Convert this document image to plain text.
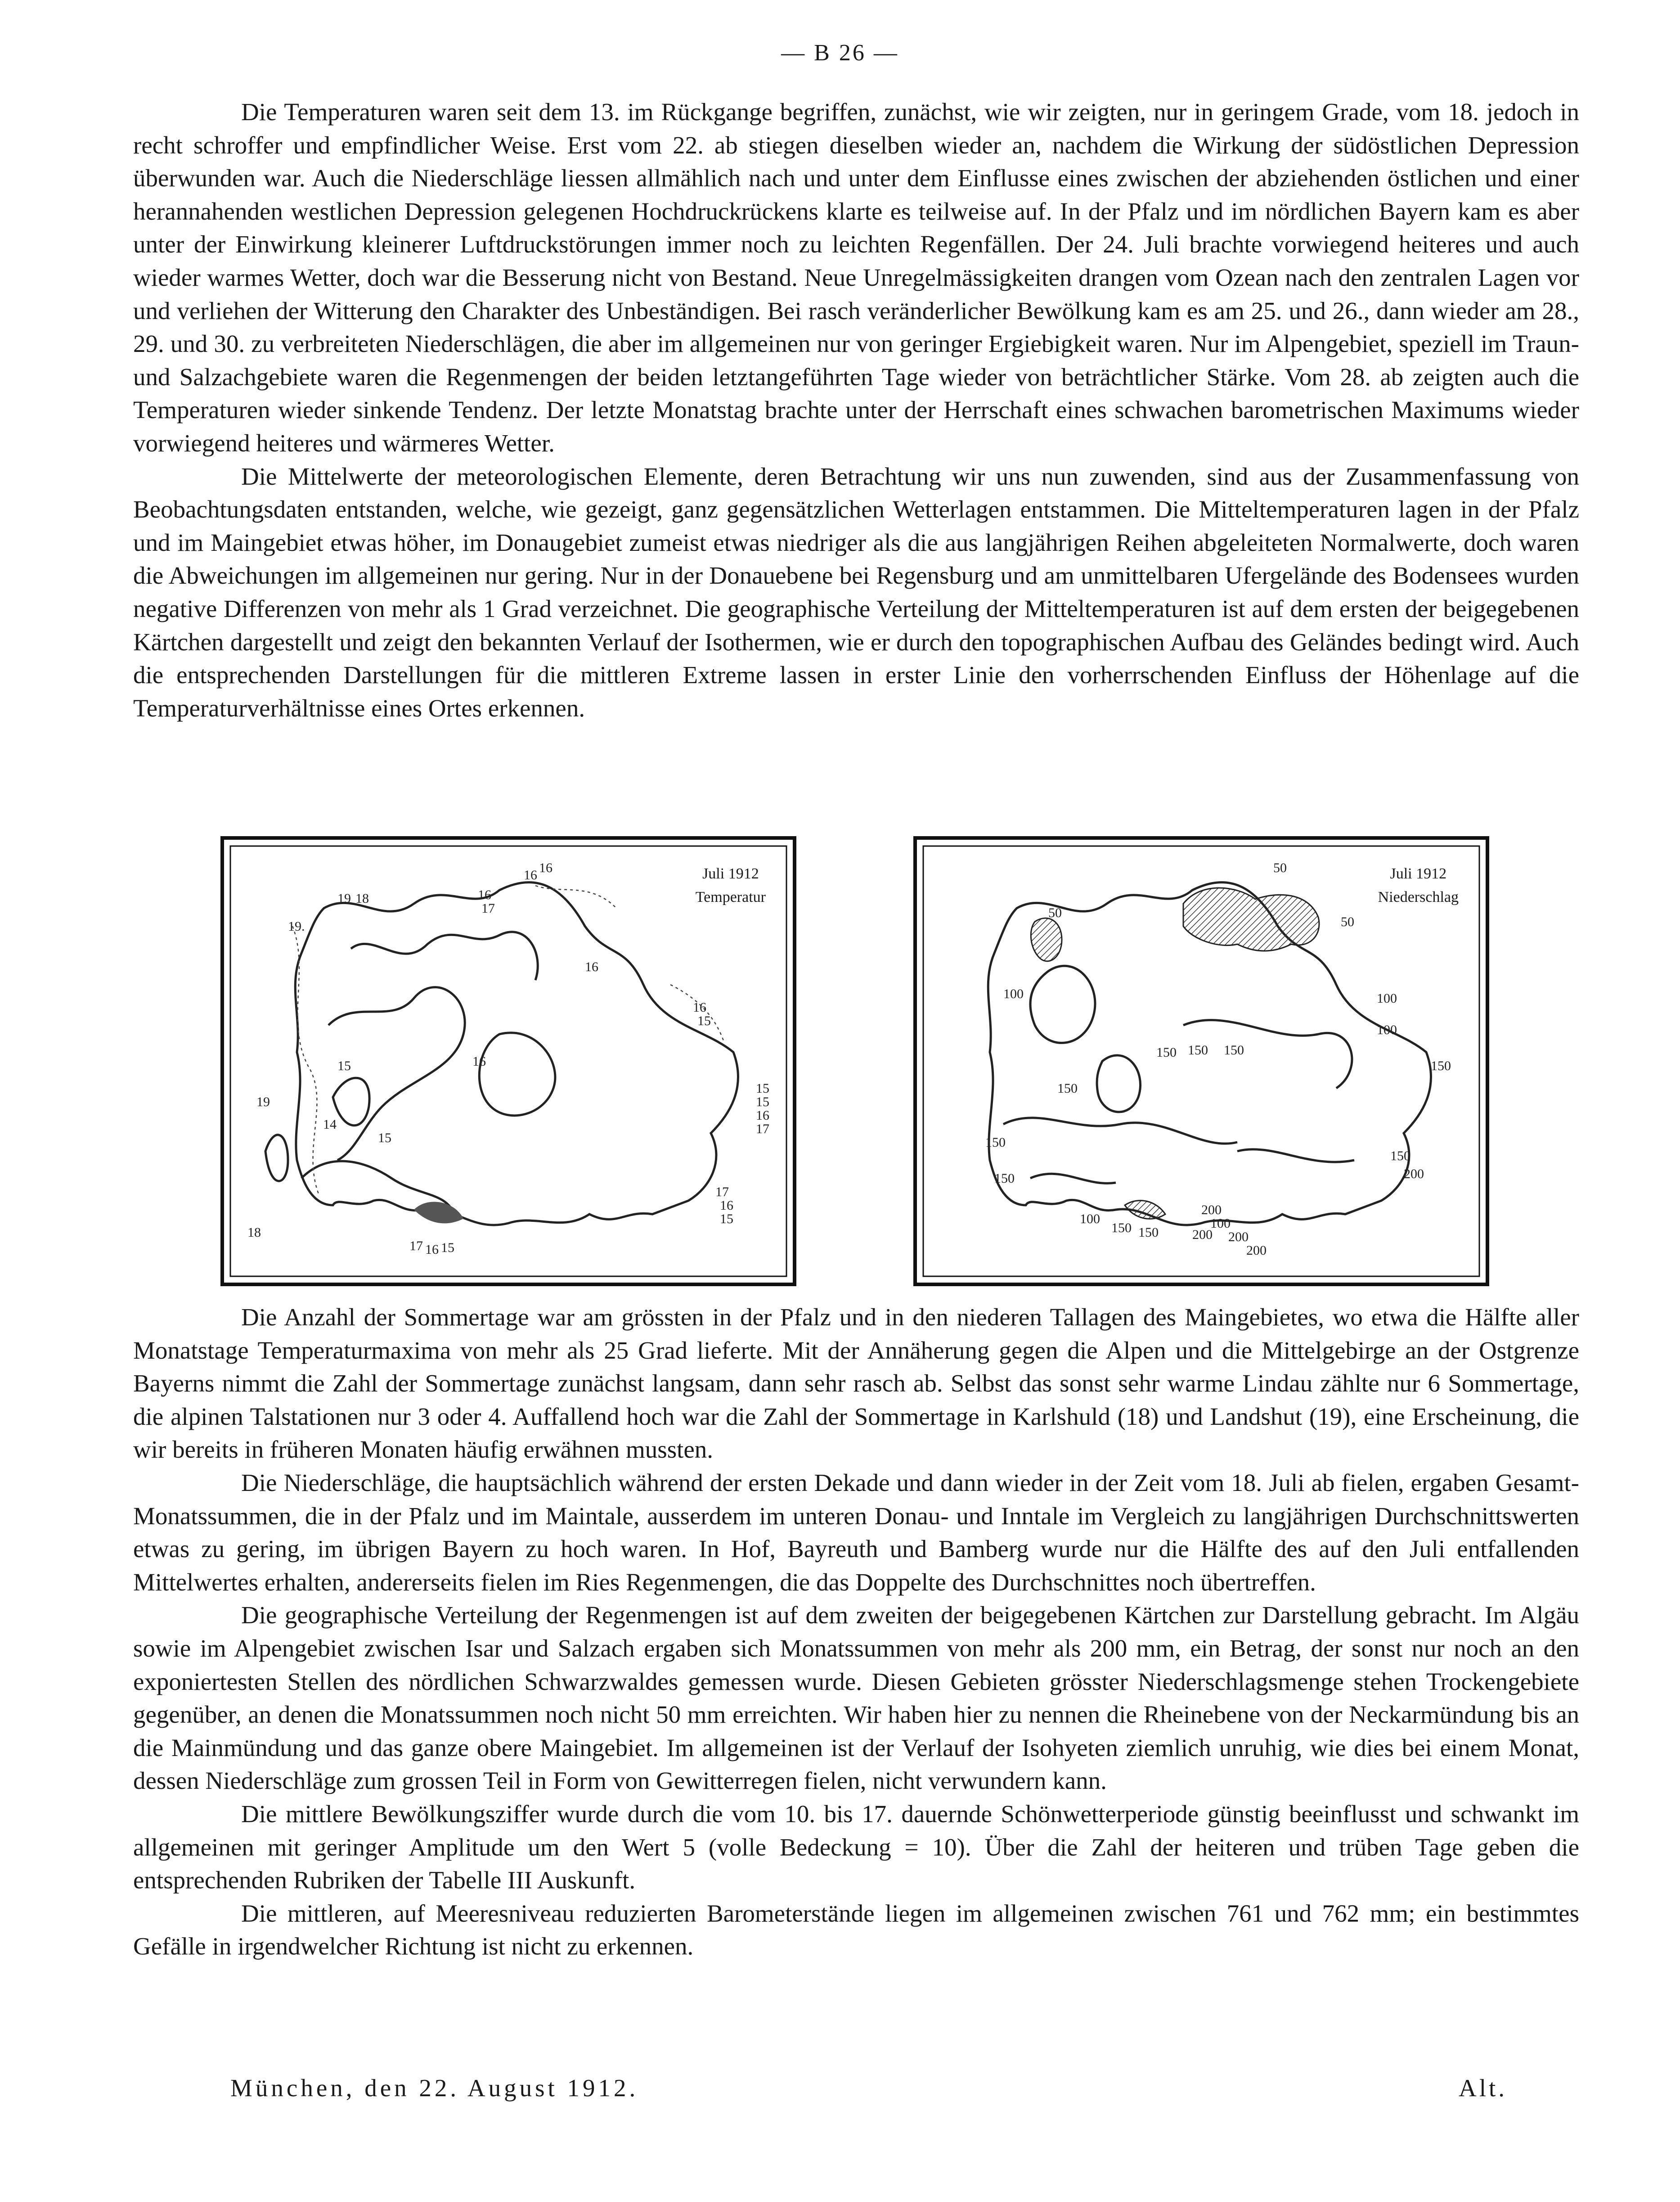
— B 26 —

Die Temperaturen waren seit dem 13. im Rückgange begriffen, zunächst, wie wir zeigten, nur in geringem Grade, vom 18. jedoch in recht schroffer und empfindlicher Weise. Erst vom 22. ab stiegen dieselben wieder an, nachdem die Wirkung der südöstlichen Depression überwunden war. Auch die Niederschläge liessen allmählich nach und unter dem Einflusse eines zwischen der abziehenden östlichen und einer herannahenden westlichen Depression gelegenen Hochdruckrückens klarte es teilweise auf. In der Pfalz und im nördlichen Bayern kam es aber unter der Einwirkung kleinerer Luftdruckstörungen immer noch zu leichten Regenfällen. Der 24. Juli brachte vorwiegend heiteres und auch wieder warmes Wetter, doch war die Besserung nicht von Bestand. Neue Unregelmässigkeiten drangen vom Ozean nach den zentralen Lagen vor und verliehen der Witterung den Charakter des Unbeständigen. Bei rasch veränderlicher Bewölkung kam es am 25. und 26., dann wieder am 28., 29. und 30. zu verbreiteten Niederschlägen, die aber im allgemeinen nur von geringer Ergiebigkeit waren. Nur im Alpengebiet, speziell im Traun- und Salzachgebiete waren die Regenmengen der beiden letztangeführten Tage wieder von beträchtlicher Stärke. Vom 28. ab zeigten auch die Temperaturen wieder sinkende Tendenz. Der letzte Monatstag brachte unter der Herrschaft eines schwachen barometrischen Maximums wieder vorwiegend heiteres und wärmeres Wetter.

Die Mittelwerte der meteorologischen Elemente, deren Betrachtung wir uns nun zuwenden, sind aus der Zusammenfassung von Beobachtungsdaten entstanden, welche, wie gezeigt, ganz gegensätzlichen Wetterlagen entstammen. Die Mitteltemperaturen lagen in der Pfalz und im Maingebiet etwas höher, im Donaugebiet zumeist etwas niedriger als die aus langjährigen Reihen abgeleiteten Normalwerte, doch waren die Abweichungen im allgemeinen nur gering. Nur in der Donauebene bei Regensburg und am unmittelbaren Ufergelände des Bodensees wurden negative Differenzen von mehr als 1 Grad verzeichnet. Die geographische Verteilung der Mitteltemperaturen ist auf dem ersten der beigegebenen Kärtchen dargestellt und zeigt den bekannten Verlauf der Isothermen, wie er durch den topographischen Aufbau des Geländes bedingt wird. Auch die entsprechenden Darstellungen für die mittleren Extreme lassen in erster Linie den vorherrschenden Einfluss der Höhenlage auf die Temperaturverhältnisse eines Ortes erkennen.

16
16
19 18	16
17
19.
16
16
15
16
15
15
16
17
19
15
14
15
18
17 16 15
17
16
15
Juli 1912
Temperatur
50
50
50
100	100
100
150 150 150
150
150
150
150
150
100
150
200
200
100
150	200 200
200
Juli 1912
Niederschlag

Die Anzahl der Sommertage war am grössten in der Pfalz und in den niederen Tallagen des Maingebietes, wo etwa die Hälfte aller Monatstage Temperaturmaxima von mehr als 25 Grad lieferte. Mit der Annäherung gegen die Alpen und die Mittelgebirge an der Ostgrenze Bayerns nimmt die Zahl der Sommertage zunächst langsam, dann sehr rasch ab. Selbst das sonst sehr warme Lindau zählte nur 6 Sommertage, die alpinen Talstationen nur 3 oder 4. Auffallend hoch war die Zahl der Sommertage in Karlshuld (18) und Landshut (19), eine Erscheinung, die wir bereits in früheren Monaten häufig erwähnen mussten.

Die Niederschläge, die hauptsächlich während der ersten Dekade und dann wieder in der Zeit vom 18. Juli ab fielen, ergaben Gesamt-Monatssummen, die in der Pfalz und im Maintale, ausserdem im unteren Donau- und Inntale im Vergleich zu langjährigen Durchschnittswerten etwas zu gering, im übrigen Bayern zu hoch waren. In Hof, Bayreuth und Bamberg wurde nur die Hälfte des auf den Juli entfallenden Mittelwertes erhalten, andererseits fielen im Ries Regenmengen, die das Doppelte des Durchschnittes noch übertreffen.

Die geographische Verteilung der Regenmengen ist auf dem zweiten der beigegebenen Kärtchen zur Darstellung gebracht. Im Algäu sowie im Alpengebiet zwischen Isar und Salzach ergaben sich Monatssummen von mehr als 200 mm, ein Betrag, der sonst nur noch an den exponiertesten Stellen des nördlichen Schwarzwaldes gemessen wurde. Diesen Gebieten grösster Niederschlagsmenge stehen Trockengebiete gegenüber, an denen die Monatssummen noch nicht 50 mm erreichten. Wir haben hier zu nennen die Rheinebene von der Neckarmündung bis an die Mainmündung und das ganze obere Maingebiet. Im allgemeinen ist der Verlauf der Isohyeten ziemlich unruhig, wie dies bei einem Monat, dessen Niederschläge zum grossen Teil in Form von Gewitterregen fielen, nicht verwundern kann.

Die mittlere Bewölkungsziffer wurde durch die vom 10. bis 17. dauernde Schönwetterperiode günstig beeinflusst und schwankt im allgemeinen mit geringer Amplitude um den Wert 5 (volle Bedeckung = 10). Über die Zahl der heiteren und trüben Tage geben die entsprechenden Rubriken der Tabelle III Auskunft.

Die mittleren, auf Meeresniveau reduzierten Barometerstände liegen im allgemeinen zwischen 761 und 762 mm; ein bestimmtes Gefälle in irgendwelcher Richtung ist nicht zu erkennen.

München, den 22. August 1912.	Alt.
